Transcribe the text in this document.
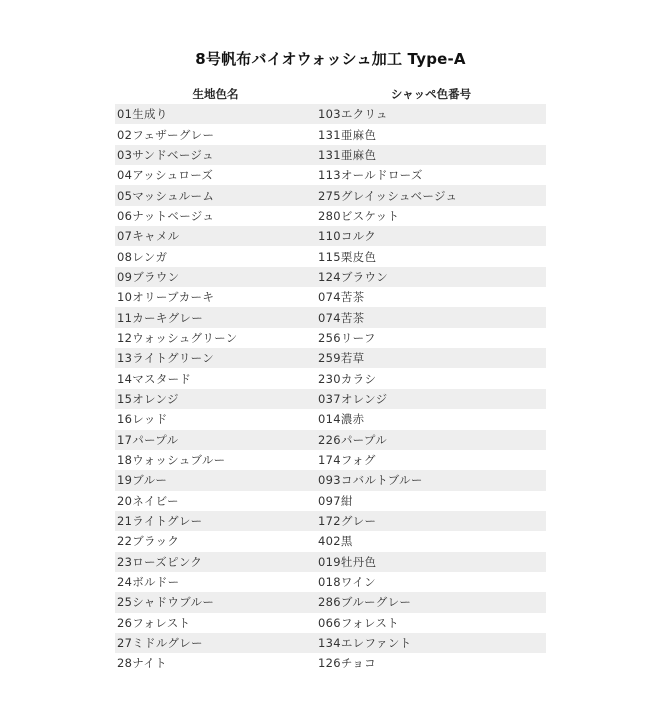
8号帆布バイオウォッシュ加工 Type-A
生地色名	シャッペ色番号
01生成り	103エクリュ
02フェザーグレー	131亜麻色
03サンドベージュ	131亜麻色
04アッシュローズ	113オールドローズ
05マッシュルーム	275グレイッシュベージュ
06ナットベージュ	280ビスケット
07キャメル	110コルク
08レンガ	115栗皮色
09ブラウン	124ブラウン
10オリーブカーキ	074苦茶
11カーキグレー	074苦茶
12ウォッシュグリーン	256リーフ
13ライトグリーン	259若草
14マスタード	230カラシ
15オレンジ	037オレンジ
16レッド	014濃赤
17パープル	226パープル
18ウォッシュブルー	174フォグ
19ブルー	093コバルトブルー
20ネイビー	097紺
21ライトグレー	172グレー
22ブラック	402黒
23ローズピンク	019牡丹色
24ボルドー	018ワイン
25シャドウブルー	286ブルーグレー
26フォレスト	066フォレスト
27ミドルグレー	134エレファント
28ナイト	126チョコ
